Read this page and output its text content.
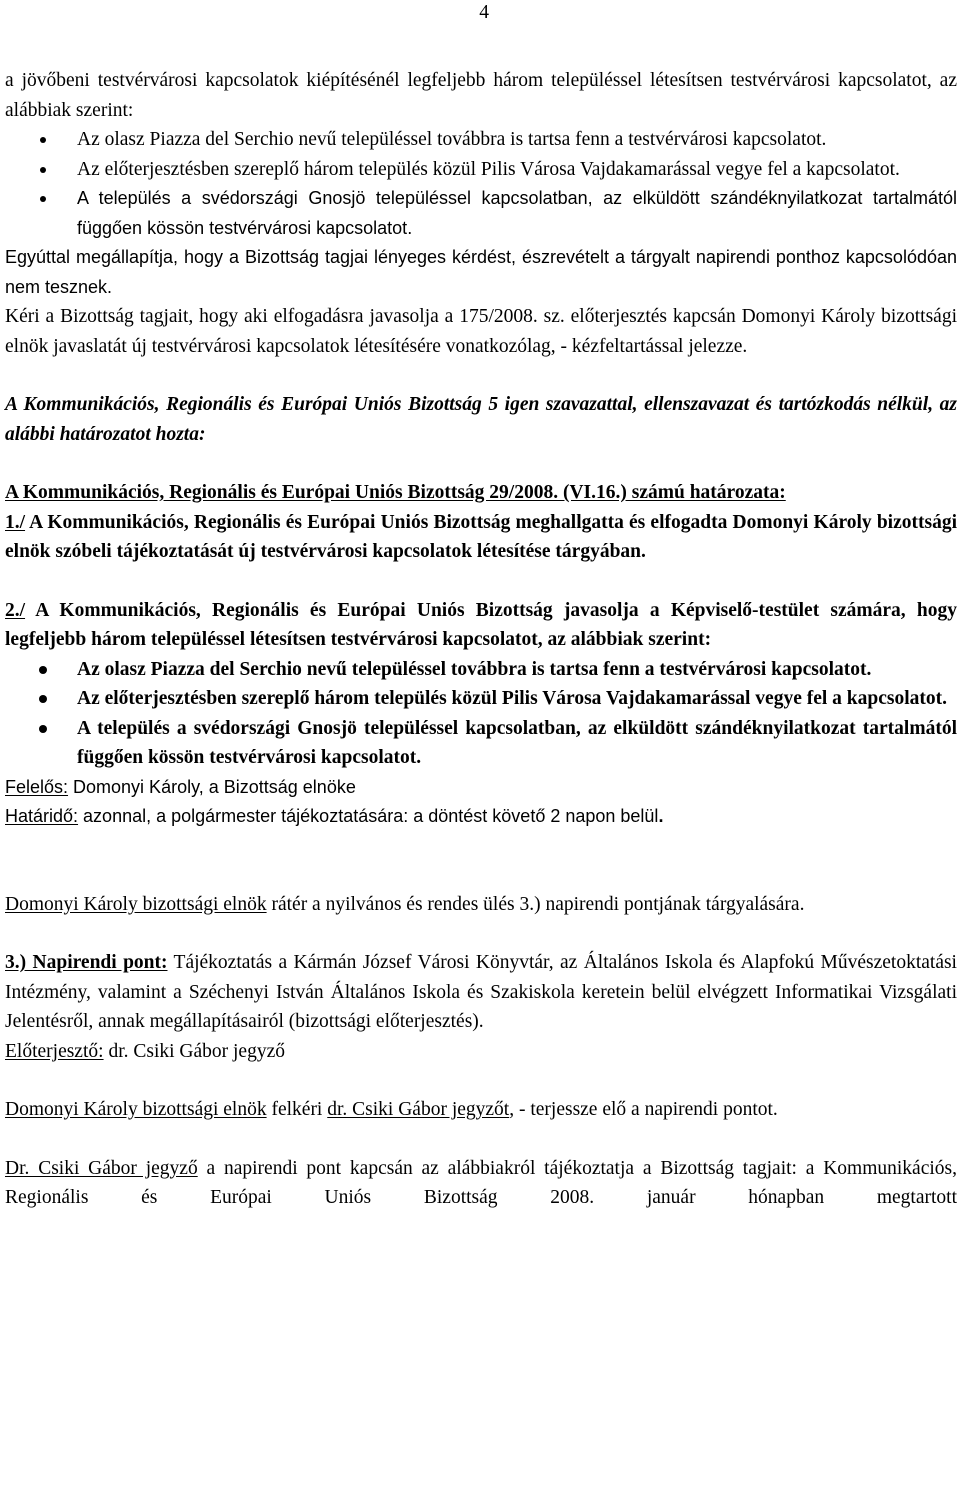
4

a jövőbeni testvérvárosi kapcsolatok kiépítésénél legfeljebb három településsel létesítsen testvérvárosi kapcsolatot, az alábbiak szerint:

Az olasz Piazza del Serchio nevű településsel továbbra is tartsa fenn a testvérvárosi kapcsolatot.
Az előterjesztésben szereplő három település közül Pilis Városa Vajdakamarással vegye fel a kapcsolatot.
A település a svédországi Gnosjö településsel kapcsolatban, az elküldött szándéknyilatkozat tartalmától függően kössön testvérvárosi kapcsolatot.

Egyúttal megállapítja, hogy a Bizottság tagjai lényeges kérdést, észrevételt a tárgyalt napirendi ponthoz kapcsolódóan nem tesznek.

Kéri a Bizottság tagjait, hogy aki elfogadásra javasolja a 175/2008. sz. előterjesztés kapcsán Domonyi Károly bizottsági elnök javaslatát új testvérvárosi kapcsolatok létesítésére vonatkozólag, - kézfeltartással jelezze.

A Kommunikációs, Regionális és Európai Uniós Bizottság 5 igen szavazattal, ellenszavazat és tartózkodás nélkül, az alábbi határozatot hozta:

A Kommunikációs, Regionális és Európai Uniós Bizottság 29/2008. (VI.16.) számú határozata:

1./ A Kommunikációs, Regionális és Európai Uniós Bizottság meghallgatta és elfogadta Domonyi Károly bizottsági elnök szóbeli tájékoztatását új testvérvárosi kapcsolatok létesítése tárgyában.

2./ A Kommunikációs, Regionális és Európai Uniós Bizottság javasolja a Képviselő-testület számára, hogy legfeljebb három településsel létesítsen testvérvárosi kapcsolatot, az alábbiak szerint:

Az olasz Piazza del Serchio nevű településsel továbbra is tartsa fenn a testvérvárosi kapcsolatot.
Az előterjesztésben szereplő három település közül Pilis Városa Vajdakamarással vegye fel a kapcsolatot.
A település a svédországi Gnosjö településsel kapcsolatban, az elküldött szándéknyilatkozat tartalmától függően kössön testvérvárosi kapcsolatot.

Felelős: Domonyi Károly, a Bizottság elnöke

Határidő: azonnal, a polgármester tájékoztatására: a döntést követő 2 napon belül.

Domonyi Károly bizottsági elnök rátér a nyilvános és rendes ülés 3.) napirendi pontjának tárgyalására.

3.) Napirendi pont: Tájékoztatás a Kármán József Városi Könyvtár, az Általános Iskola és Alapfokú Művészetoktatási Intézmény, valamint a Széchenyi István Általános Iskola és Szakiskola keretein belül elvégzett Informatikai Vizsgálati Jelentésről, annak megállapításairól (bizottsági előterjesztés).

Előterjesztő: dr. Csiki Gábor jegyző

Domonyi Károly bizottsági elnök felkéri dr. Csiki Gábor jegyzőt, - terjessze elő a napirendi pontot.

Dr. Csiki Gábor jegyző a napirendi pont kapcsán az alábbiakról tájékoztatja a Bizottság tagjait: a Kommunikációs, Regionális és Európai Uniós Bizottság 2008. január hónapban megtartott
